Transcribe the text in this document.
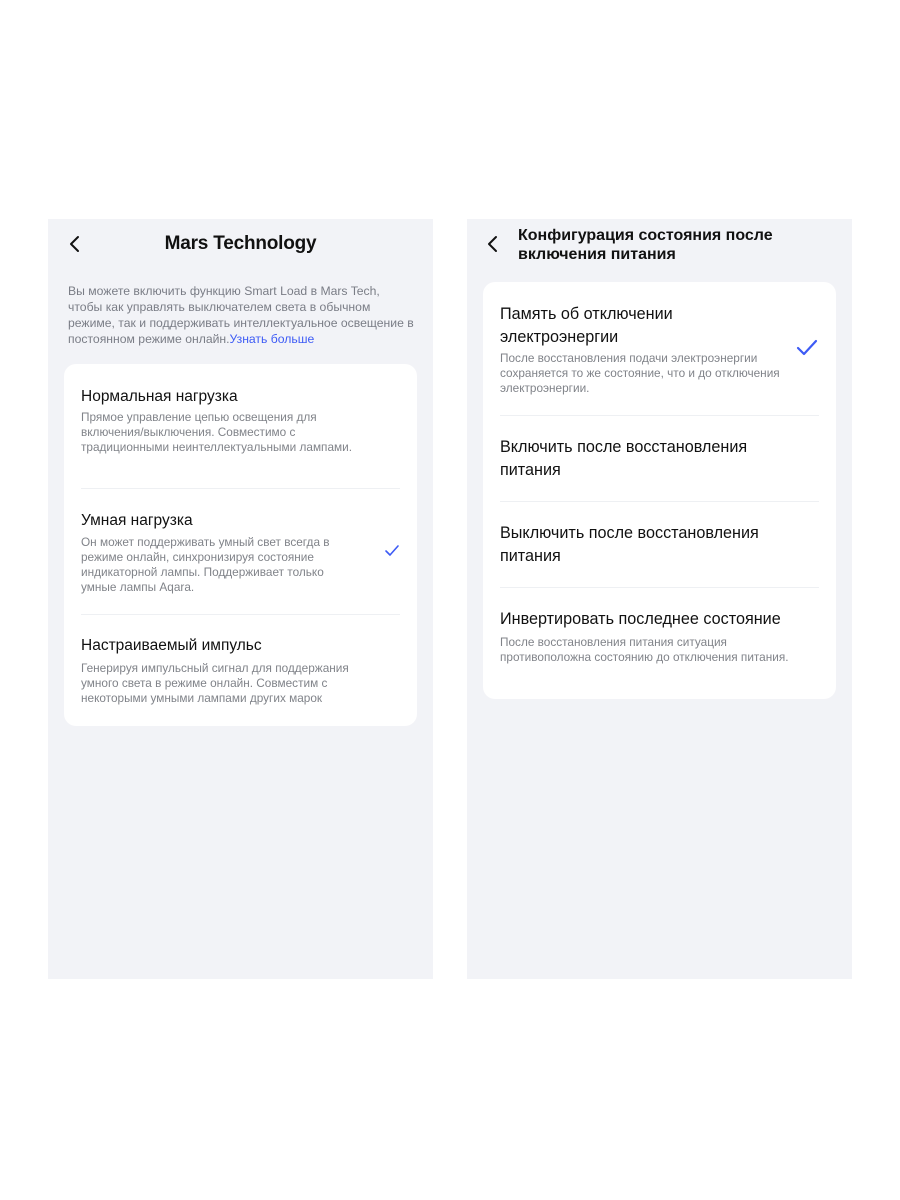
Mars Technology
Вы можете включить функцию Smart Load в Mars Tech, чтобы как управлять выключателем света в обычном режиме, так и поддерживать интеллектуальное освещение в постоянном режиме онлайн.Узнать больше
Нормальная нагрузка
Прямое управление цепью освещения для включения/выключения. Совместимо с традиционными неинтеллектуальными лампами.
Умная нагрузка
Он может поддерживать умный свет всегда в режиме онлайн, синхронизируя состояние индикаторной лампы. Поддерживает только умные лампы Aqara.
Настраиваемый импульс
Генерируя импульсный сигнал для поддержания умного света в режиме онлайн. Совместим с некоторыми умными лампами других марок
Конфигурация состояния после включения питания
Память об отключении электроэнергии
После восстановления подачи электроэнергии сохраняется то же состояние, что и до отключения электроэнергии.
Включить после восстановления питания
Выключить после восстановления питания
Инвертировать последнее состояние
После восстановления питания ситуация противоположна состоянию до отключения питания.
